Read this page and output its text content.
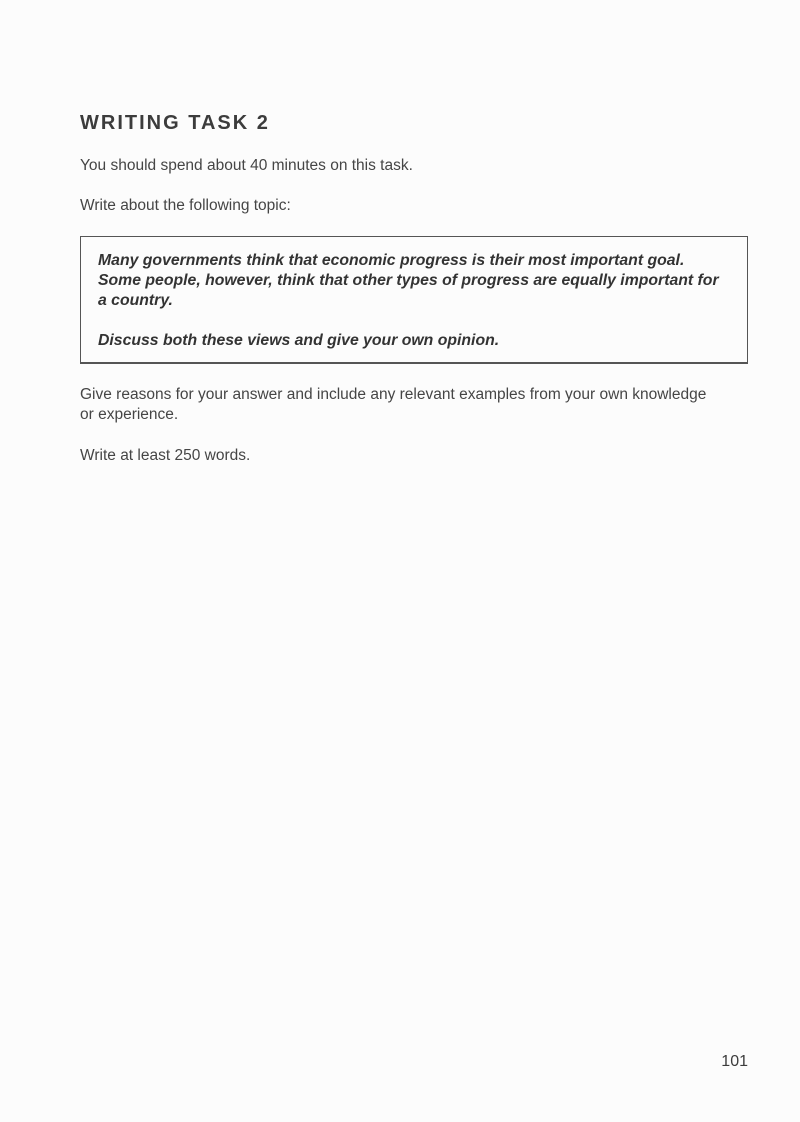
WRITING TASK 2

You should spend about 40 minutes on this task.

Write about the following topic:

Many governments think that economic progress is their most important goal. Some people, however, think that other types of progress are equally important for a country.

Discuss both these views and give your own opinion.

Give reasons for your answer and include any relevant examples from your own knowledge or experience.

Write at least 250 words.

101
